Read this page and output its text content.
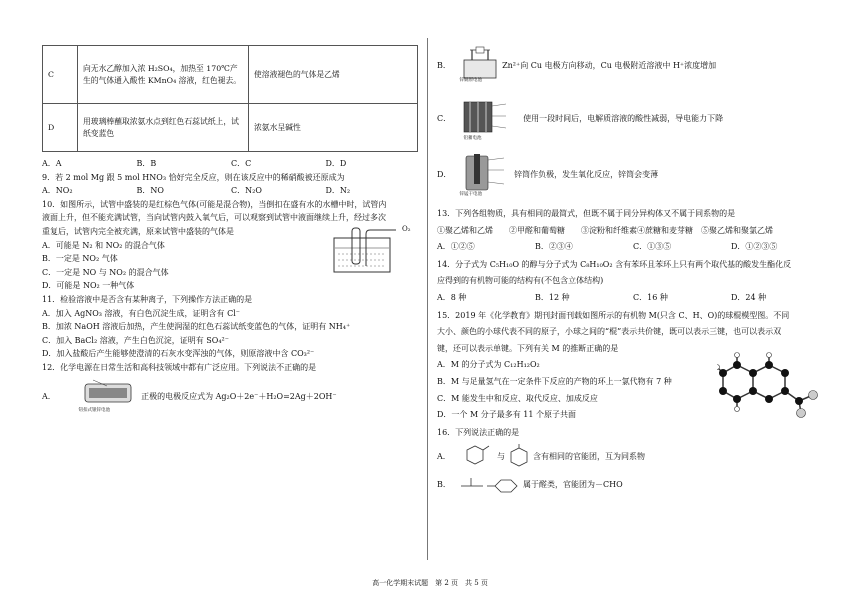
C	向无水乙醇加入浓 H₂SO₄，加热至 170℃产生的气体通入酸性 KMnO₄ 溶液，红色褪去。	使溶液褪色的气体是乙烯
D	用玻璃棒蘸取浓氨水点到红色石蕊试纸上，试纸变蓝色	浓氨水呈碱性
A．A	B．B	C．C	D．D
9．若 2 mol Mg 跟 5 mol HNO₃ 恰好完全反应，则在该反应中的稀硝酸被还原成为
A．NO₂	B．NO	C．N₂O	D．N₂
10．如图所示，试管中盛装的是红棕色气体(可能是混合物)，当倒扣在盛有水的水槽中时，试管内
液面上升，但不能充满试管，当向试管内鼓入氧气后，可以观察到试管中液面继续上升，经过多次
重复后，试管内完全被充满，原来试管中盛装的气体是
A．可能是 N₂ 和 NO₂ 的混合气体
B．一定是 NO₂ 气体
C．一定是 NO 与 NO₂ 的混合气体
D．可能是 NO₂ 一种气体
O₂
11．检验溶液中是否含有某种离子，下列操作方法正确的是
A．加入 AgNO₃ 溶液，有白色沉淀生成，证明含有 Cl⁻
B．加浓 NaOH 溶液后加热，产生使润湿的红色石蕊试纸变蓝色的气体，证明有 NH₄⁺
C．加入 BaCl₂ 溶液，产生白色沉淀，证明有 SO₄²⁻
D．加入盐酸后产生能够使澄清的石灰水变浑浊的气体，则原溶液中含 CO₃²⁻
12．化学电源在日常生活和高科技领域中都有广泛应用。下列说法不正确的是
A．
钮扣式银锌电池
正极的电极反应式为 Ag₂O＋2e⁻＋H₂O=2Ag＋2OH⁻
B．
锌铜原电池
Zn²⁺向 Cu 电极方向移动，Cu 电极附近溶液中 H⁺浓度增加
C．
铅蓄电池
使用一段时间后，电解质溶液的酸性减弱，导电能力下降
D．
锌锰干电池
锌筒作负极，发生氧化反应，锌筒会变薄
13．下列各组物质，具有相同的最简式，但既不属于同分异构体又不属于同系物的是
①聚乙烯和乙烯　　②甲醛和葡萄糖　　③淀粉和纤维素④蔗糖和麦芽糖　⑤聚乙烯和聚氯乙烯
A．①②⑤	B．②③④	C．①③⑤	D．①②③⑤
14．分子式为 C₅H₁₀O 的醇与分子式为 C₈H₁₀O₂ 含有苯环且苯环上只有两个取代基的酸发生酯化反
应得到的有机物可能的结构有(不包含立体结构)
A．8 种	B．12 种	C．16 种	D．24 种
15．2019 年《化学教育》期刊封面刊载如图所示的有机物 M(只含 C、H、O)的球棍模型图。不同
大小、颜色的小球代表不同的原子，小球之间的“棍”表示共价键，既可以表示三键，也可以表示双
键，还可以表示单键。下列有关 M 的推断正确的是
A．M 的分子式为 C₁₂H₁₂O₂
B．M 与足量氢气在一定条件下反应的产物的环上一氯代物有 7 种
C．M 能发生中和反应、取代反应、加成反应
D．一个 M 分子最多有 11 个原子共面
16．下列说法正确的是
A．	与	含有相同的官能团，互为同系物
B．	属于醛类，官能团为－CHO
高一化学期末试题　第 2 页　共 5 页
